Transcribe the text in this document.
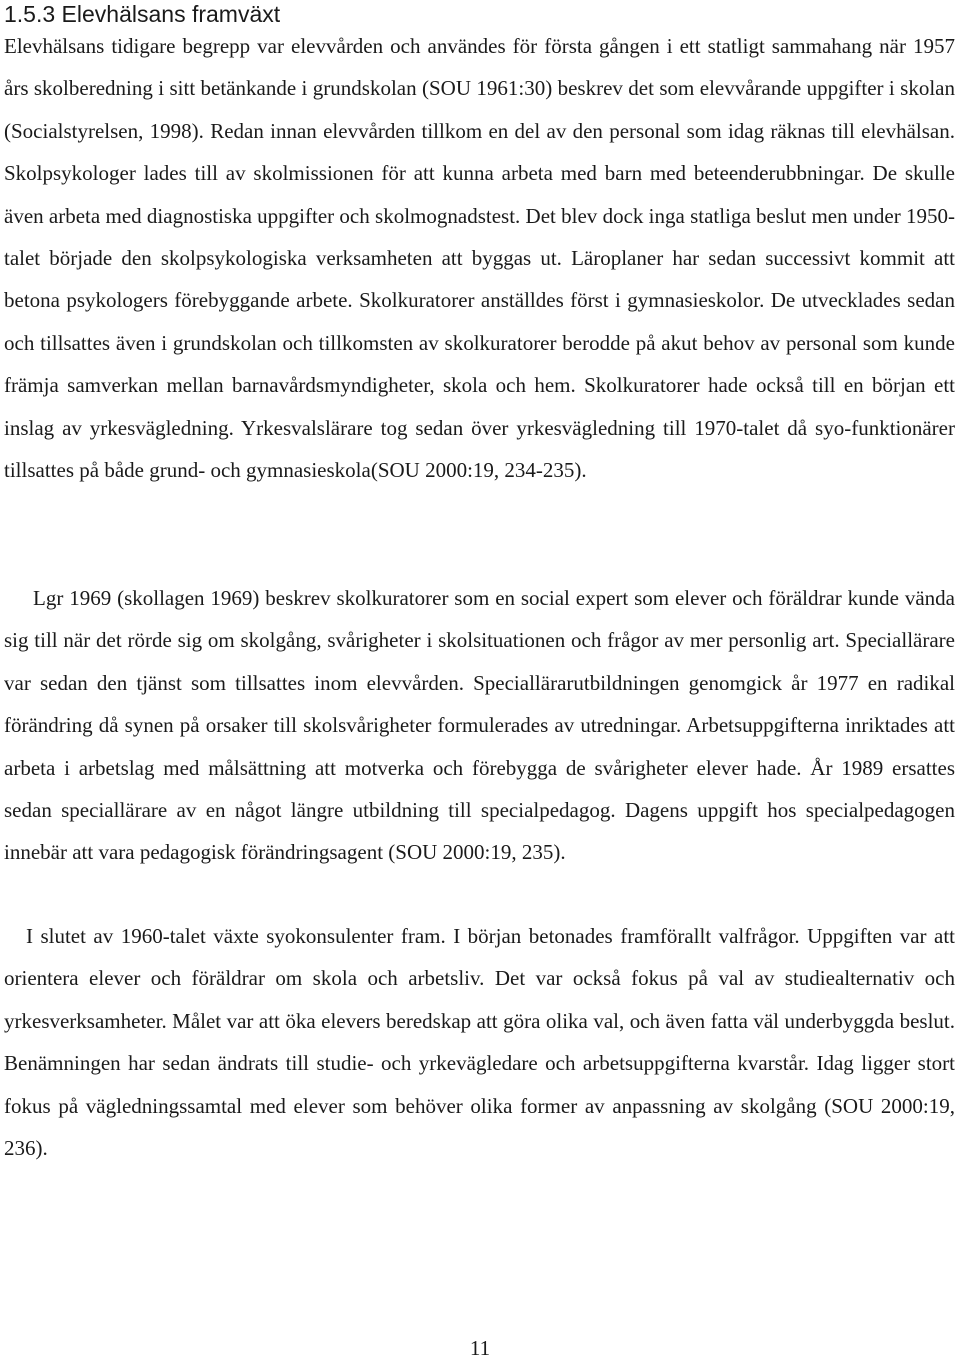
1.5.3 Elevhälsans framväxt

Elevhälsans tidigare begrepp var elevvården och användes för första gången i ett statligt sammahang när 1957 års skolberedning i sitt betänkande i grundskolan (SOU 1961:30) beskrev det som elevvårande uppgifter i skolan (Socialstyrelsen, 1998). Redan innan elevvården tillkom en del av den personal som idag räknas till elevhälsan. Skolpsykologer lades till av skolmissionen för att kunna arbeta med barn med beteenderubbningar. De skulle även arbeta med diagnostiska uppgifter och skolmognadstest. Det blev dock inga statliga beslut men under 1950-talet började den skolpsykologiska verksamheten att byggas ut. Läroplaner har sedan successivt kommit att betona psykologers förebyggande arbete. Skolkuratorer anställdes först i gymnasieskolor. De utvecklades sedan och tillsattes även i grundskolan och tillkomsten av skolkuratorer berodde på akut behov av personal som kunde främja samverkan mellan barnavårdsmyndigheter, skola och hem. Skolkuratorer hade också till en början ett inslag av yrkesvägledning. Yrkesvalslärare tog sedan över yrkesvägledning till 1970-talet då syo-funktionärer tillsattes på både grund- och gymnasieskola(SOU 2000:19, 234-235).

Lgr 1969 (skollagen 1969) beskrev skolkuratorer som en social expert som elever och föräldrar kunde vända sig till när det rörde sig om skolgång, svårigheter i skolsituationen och frågor av mer personlig art. Speciallärare var sedan den tjänst som tillsattes inom elevvården. Speciallärarutbildningen genomgick år 1977 en radikal förändring då synen på orsaker till skolsvårigheter formulerades av utredningar. Arbetsuppgifterna inriktades att arbeta i arbetslag med målsättning att motverka och förebygga de svårigheter elever hade. År 1989 ersattes sedan speciallärare av en något längre utbildning till specialpedagog. Dagens uppgift hos specialpedagogen innebär att vara pedagogisk förändringsagent (SOU 2000:19, 235).

I slutet av 1960-talet växte syokonsulenter fram. I början betonades framförallt valfrågor. Uppgiften var att orientera elever och föräldrar om skola och arbetsliv. Det var också fokus på val av studiealternativ och yrkesverksamheter. Målet var att öka elevers beredskap att göra olika val, och även fatta väl underbyggda beslut. Benämningen har sedan ändrats till studie- och yrkevägledare och arbetsuppgifterna kvarstår. Idag ligger stort fokus på vägledningssamtal med elever som behöver olika former av anpassning av skolgång (SOU 2000:19, 236).

11
